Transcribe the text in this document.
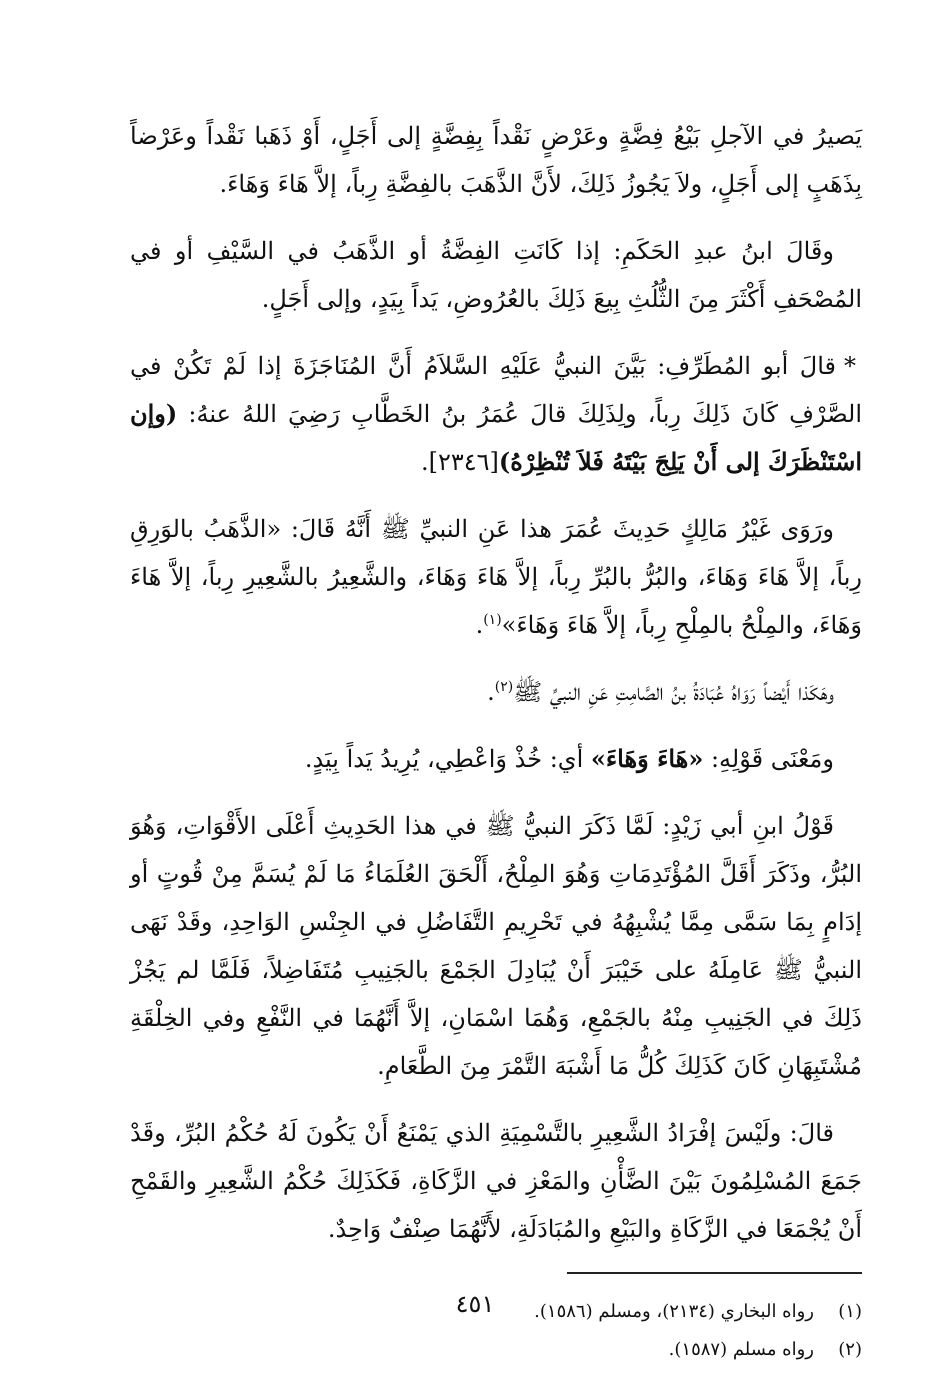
يَصيرُ في الآجلِ بَيْعُ فِضَّةٍ وعَرْضٍ نَقْداً بِفِضَّةٍ إلى أَجَلٍ، أَوْ ذَهَبا نَقْداً وعَرْضاً بِذَهَبٍ إلى أَجَلٍ، ولاَ يَجُوزُ ذَلِكَ، لأَنَّ الذَّهَبَ بالفِضَّةِ رِباً، إلاَّ هَاءَ وَهَاءَ.

وقَالَ ابنُ عبدِ الحَكَمِ: إذا كَانَتِ الفِضَّةُ أو الذَّهَبُ في السَّيْفِ أو في المُصْحَفِ أَكْثَرَ مِنَ الثُّلُثِ بِيعَ ذَلِكَ بالعُرُوضِ، يَداً بِيَدٍ، وإلى أَجَلٍ.

*قالَ أبو المُطَرِّفِ: بَيَّنَ النبيُّ عَلَيْهِ السَّلاَمُ أَنَّ المُنَاجَزَةَ إذا لَمْ تَكُنْ في الصَّرْفِ كَانَ ذَلِكَ رِباً، ولِذَلِكَ قالَ عُمَرُ بنُ الخَطَّابِ رَضِيَ اللهُ عنهُ: (وإن اسْتَنْظَرَكَ إلى أَنْ يَلِجَ بَيْتَهُ فَلاَ تُنْظِرْهُ)[٢٣٤٦].

ورَوَى غَيْرُ مَالِكٍ حَدِيثَ عُمَرَ هذا عَنِ النبيِّ ﷺ أَنَّهُ قَالَ: «الذَّهَبُ بالوَرِقِ رِباً، إلاَّ هَاءَ وَهَاءَ، والبُرُّ بالبُرِّ رِباً، إلاَّ هَاءَ وَهَاءَ، والشَّعِيرُ بالشَّعِيرِ رِباً، إلاَّ هَاءَ وَهَاءَ، والمِلْحُ بالمِلْحِ رِباً، إلاَّ هَاءَ وَهَاءَ»$^{(١)}$.

وهَكَذا أَيْضاً رَوَاهُ عُبَادَةُ بنُ الصَّامِتِ عَنِ النبيِّ ﷺ$^{(٢)}$.

ومَعْنَى قَوْلِهِ: «هَاءَ وَهَاءَ» أي: خُذْ وَاعْطِي، يُرِيدُ يَداً بِيَدٍ.

قَوْلُ ابنِ أبي زَيْدٍ: لَمَّا ذَكَرَ النبيُّ ﷺ في هذا الحَدِيثِ أَعْلَى الأَقْوَاتِ، وَهُوَ البُرُّ، وذَكَرَ أَقَلَّ المُؤْتَدِمَاتِ وَهُوَ المِلْحُ، أَلْحَقَ العُلَمَاءُ مَا لَمْ يُسَمَّ مِنْ قُوتٍ أو إدَامٍ بِمَا سَمَّى مِمَّا يُشْبِهُهُ في تَحْرِيمِ التَّفَاضُلِ في الجِنْسِ الوَاحِدِ، وقَدْ نَهَى النبيُّ ﷺ عَامِلَهُ على خَيْبَرَ أَنْ يُبَادِلَ الجَمْعَ بالجَنِيبِ مُتَفَاضِلاً، فَلَمَّا لم يَجُزْ ذَلِكَ في الجَنِيبِ مِنْهُ بالجَمْعِ، وَهُمَا اسْمَانِ، إلاَّ أَنَّهُمَا في النَّفْعِ وفي الخِلْقَةِ مُشْتَبِهَانِ كَانَ كَذَلِكَ كُلُّ مَا أَشْبَهَ التَّمْرَ مِنَ الطَّعَامِ.

قالَ: ولَيْسَ إفْرَادُ الشَّعِيرِ بالتَّسْمِيَةِ الذي يَمْنَعُ أَنْ يَكُونَ لَهُ حُكْمُ البُرِّ، وقَدْ جَمَعَ المُسْلِمُونَ بَيْنَ الضَّأْنِ والمَعْزِ في الزَّكَاةِ، فَكَذَلِكَ حُكْمُ الشَّعِيرِ والقَمْحِ أَنْ يُجْمَعَا في الزَّكَاةِ والبَيْعِ والمُبَادَلَةِ، لأَنَّهُمَا صِنْفٌ وَاحِدٌ.

(١)رواه البخاري (٢١٣٤)، ومسلم (١٥٨٦).

(٢)رواه مسلم (١٥٨٧).

٤٥١
